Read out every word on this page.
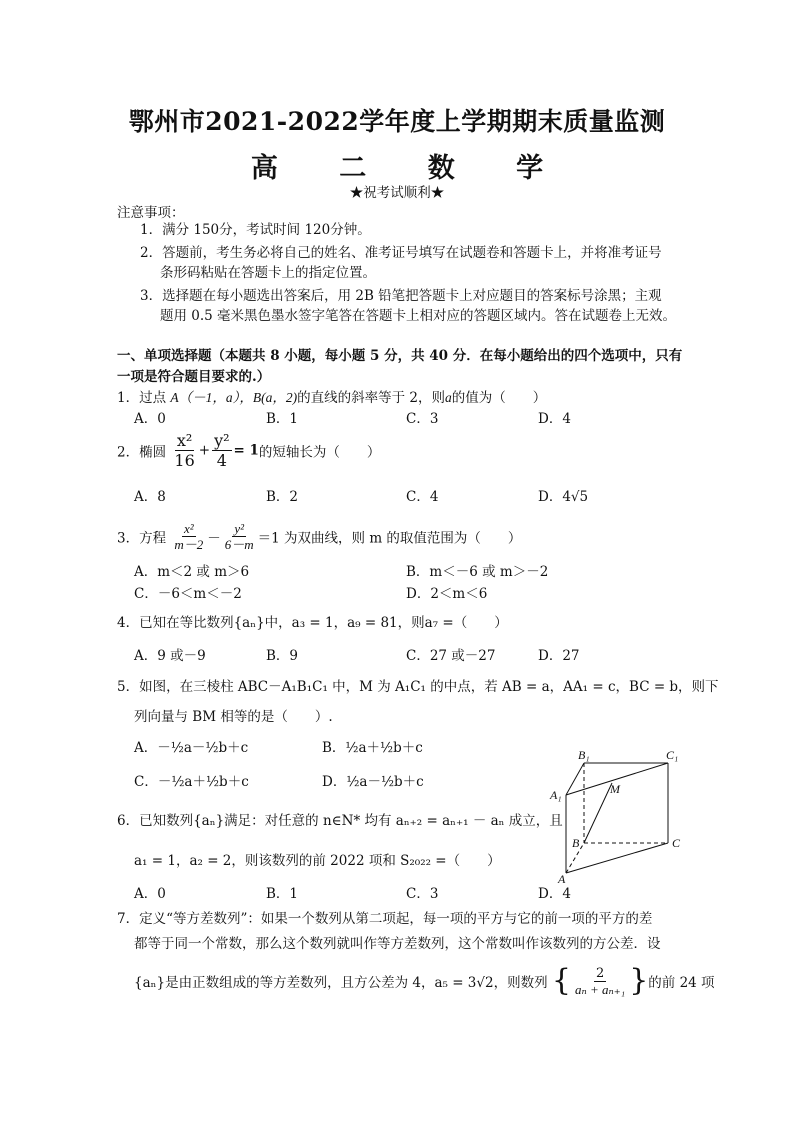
鄂州市2021-2022学年度上学期期末质量监测
高 二 数 学
★祝考试顺利★
注意事项：
1．满分 150分，考试时间 120分钟。
2．答题前，考生务必将自己的姓名、准考证号填写在试题卷和答题卡上，并将准考证号
条形码粘贴在答题卡上的指定位置。
3．选择题在每小题选出答案后，用 2B 铅笔把答题卡上对应题目的答案标号涂黑；主观
题用 0.5 毫米黑色墨水签字笔答在答题卡上相对应的答题区域内。答在试题卷上无效。
一、单项选择题（本题共 8 小题，每小题 5 分，共 40 分．在每小题给出的四个选项中，只有
一项是符合题目要求的.）
1．过点 A（－1，a），B(a，2)的直线的斜率等于 2，则a的值为（　　）
A．0	B．1	C．3	D．4
2．椭圆 $\frac{\text{x²}}{16} + \frac{\text{y²}}{4} = 1$的短轴长为（　　）
A．8	B．2	C．4	D．4√5
3．方程 $\frac{\text{x²}}{m-2} - \frac{\text{y²}}{6-m} =1$ 为双曲线，则 m 的取值范围为（　　）
A．m＜2 或 m＞6	B．m＜－6 或 m＞－2
C．－6＜m＜－2	D．2＜m＜6
4．已知在等比数列{aₙ}中，a₃ = 1，a₉ = 81，则a₇ =（　　）
A．9 或－9	B．9	C．27 或－27	D．27
5．如图，在三棱柱 ABC－A₁B₁C₁ 中，M 为 A₁C₁ 的中点，若 AB = a，AA₁ = c，BC = b，则下
列向量与 BM 相等的是（　　）.
A．－½a－½b＋c	B．½a＋½b＋c
C．－½a＋½b＋c	D．½a－½b＋c
B₁	C₁
A₁	M
B	C
A
6．已知数列{aₙ}满足：对任意的 n∈N* 均有 aₙ₊₂ = aₙ₊₁ － aₙ 成立，且
a₁ = 1，a₂ = 2，则该数列的前 2022 项和 S₂₀₂₂ =（　　）
A．0	B．1	C．3	D．4
7．定义“等方差数列”：如果一个数列从第二项起，每一项的平方与它的前一项的平方的差
都等于同一个常数，那么这个数列就叫作等方差数列，这个常数叫作该数列的方公差．设
{aₙ}是由正数组成的等方差数列，且方公差为 4，a₅ = 3√2，则数列 { $\frac{2}{\text{aₙ + aₙ₊₁}}$ }的前 24 项
